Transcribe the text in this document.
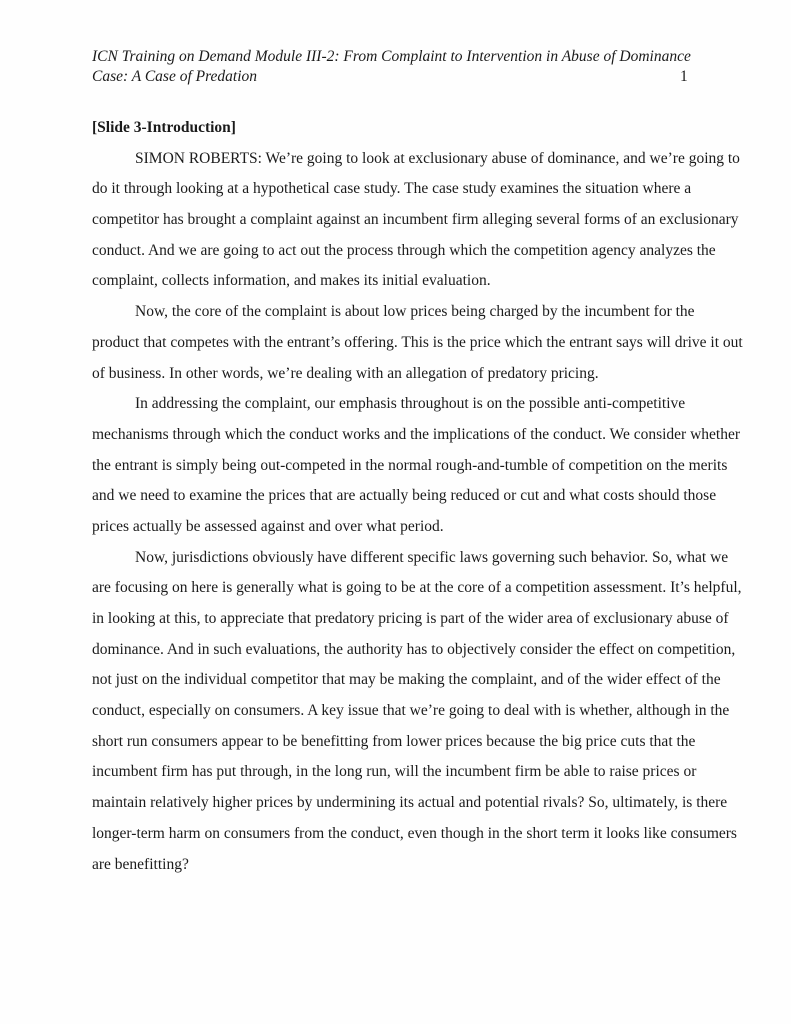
ICN Training on Demand Module III-2: From Complaint to Intervention in Abuse of Dominance
Case: A Case of Predation	1
[Slide 3-Introduction]
SIMON ROBERTS: We’re going to look at exclusionary abuse of dominance, and we’re going to
do it through looking at a hypothetical case study. The case study examines the situation where a
competitor has brought a complaint against an incumbent firm alleging several forms of an exclusionary
conduct. And we are going to act out the process through which the competition agency analyzes the
complaint, collects information, and makes its initial evaluation.
Now, the core of the complaint is about low prices being charged by the incumbent for the
product that competes with the entrant’s offering. This is the price which the entrant says will drive it out
of business. In other words, we’re dealing with an allegation of predatory pricing.
In addressing the complaint, our emphasis throughout is on the possible anti-competitive
mechanisms through which the conduct works and the implications of the conduct. We consider whether
the entrant is simply being out-competed in the normal rough-and-tumble of competition on the merits
and we need to examine the prices that are actually being reduced or cut and what costs should those
prices actually be assessed against and over what period.
Now, jurisdictions obviously have different specific laws governing such behavior. So, what we
are focusing on here is generally what is going to be at the core of a competition assessment. It’s helpful,
in looking at this, to appreciate that predatory pricing is part of the wider area of exclusionary abuse of
dominance. And in such evaluations, the authority has to objectively consider the effect on competition,
not just on the individual competitor that may be making the complaint, and of the wider effect of the
conduct, especially on consumers. A key issue that we’re going to deal with is whether, although in the
short run consumers appear to be benefitting from lower prices because the big price cuts that the
incumbent firm has put through, in the long run, will the incumbent firm be able to raise prices or
maintain relatively higher prices by undermining its actual and potential rivals? So, ultimately, is there
longer-term harm on consumers from the conduct, even though in the short term it looks like consumers
are benefitting?
